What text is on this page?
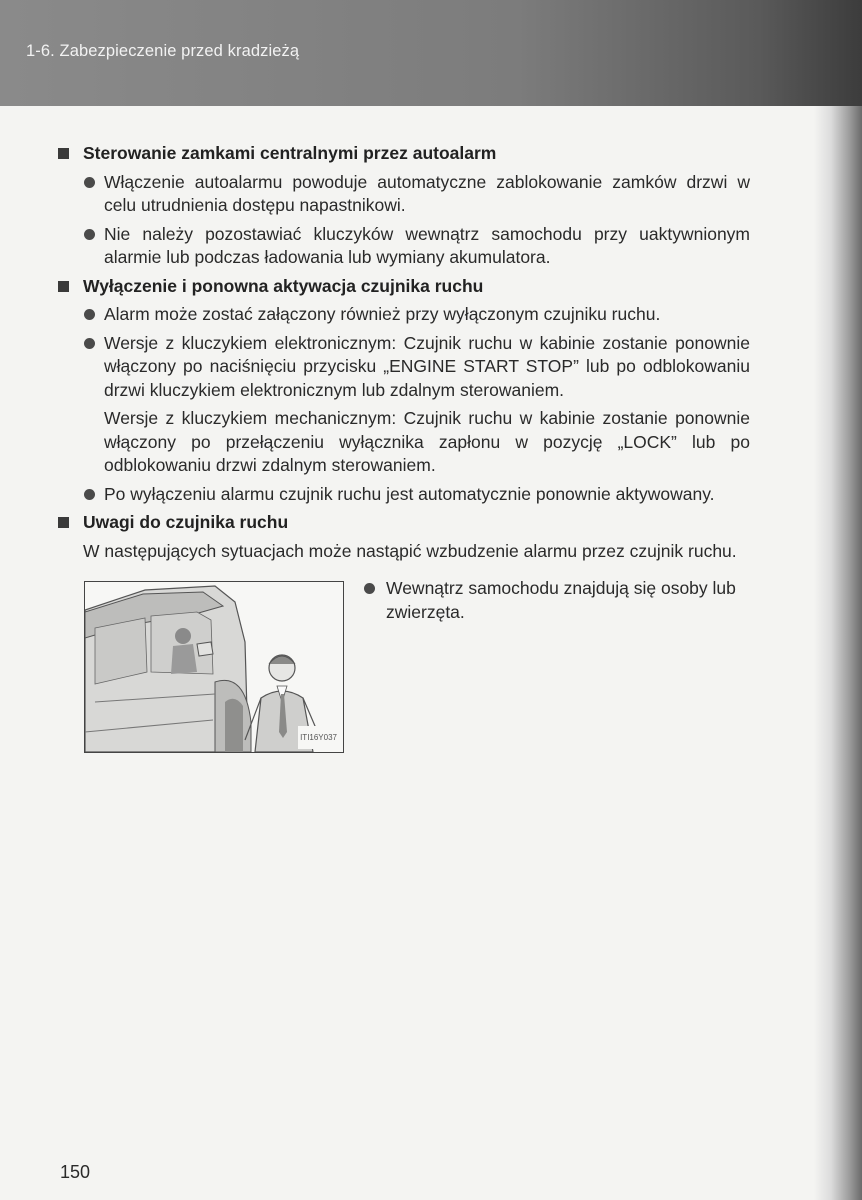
1-6. Zabezpieczenie przed kradzieżą
Sterowanie zamkami centralnymi przez autoalarm
Włączenie autoalarmu powoduje automatyczne zablokowanie zamków drzwi w celu utrudnienia dostępu napastnikowi.
Nie należy pozostawiać kluczyków wewnątrz samochodu przy uaktywnionym alarmie lub podczas ładowania lub wymiany akumulatora.
Wyłączenie i ponowna aktywacja czujnika ruchu
Alarm może zostać załączony również przy wyłączonym czujniku ruchu.
Wersje z kluczykiem elektronicznym: Czujnik ruchu w kabinie zostanie ponownie włączony po naciśnięciu przycisku „ENGINE START STOP” lub po odblokowaniu drzwi kluczykiem elektronicznym lub zdalnym sterowaniem.
Wersje z kluczykiem mechanicznym: Czujnik ruchu w kabinie zostanie ponownie włączony po przełączeniu wyłącznika zapłonu w pozycję „LOCK” lub po odblokowaniu drzwi zdalnym sterowaniem.
Po wyłączeniu alarmu czujnik ruchu jest automatycznie ponownie aktywowany.
Uwagi do czujnika ruchu
W następujących sytuacjach może nastąpić wzbudzenie alarmu przez czujnik ruchu.
ITI16Y037
Wewnątrz samochodu znajdują się osoby lub zwierzęta.
150
